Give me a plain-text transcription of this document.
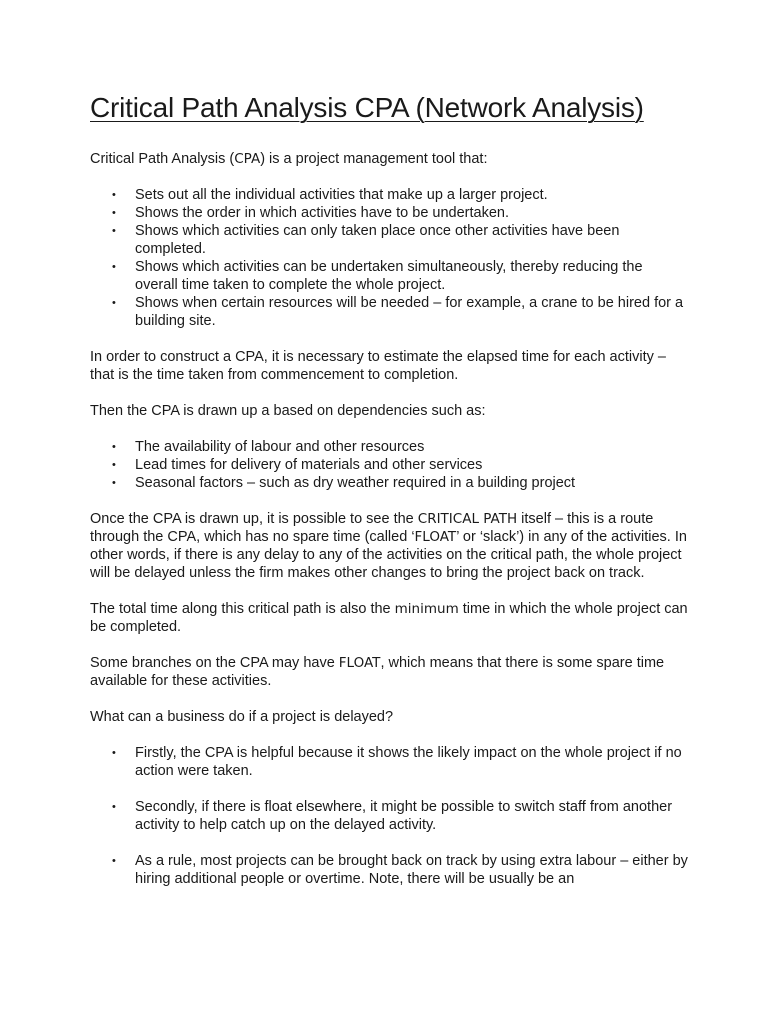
Critical Path Analysis CPA (Network Analysis)

Critical Path Analysis (CPA) is a project management tool that:

• Sets out all the individual activities that make up a larger project.
• Shows the order in which activities have to be undertaken.
• Shows which activities can only taken place once other activities have been completed.
• Shows which activities can be undertaken simultaneously, thereby reducing the overall time taken to complete the whole project.
• Shows when certain resources will be needed – for example, a crane to be hired for a building site.

In order to construct a CPA, it is necessary to estimate the elapsed time for each activity – that is the time taken from commencement to completion.

Then the CPA is drawn up a based on dependencies such as:

• The availability of labour and other resources
• Lead times for delivery of materials and other services
• Seasonal factors – such as dry weather required in a building project

Once the CPA is drawn up, it is possible to see the CRITICAL PATH itself – this is a route through the CPA, which has no spare time (called ‘FLOAT’ or ‘slack’) in any of the activities. In other words, if there is any delay to any of the activities on the critical path, the whole project will be delayed unless the firm makes other changes to bring the project back on track.

The total time along this critical path is also the minimum time in which the whole project can be completed.

Some branches on the CPA may have FLOAT, which means that there is some spare time available for these activities.

What can a business do if a project is delayed?

• Firstly, the CPA is helpful because it shows the likely impact on the whole project if no action were taken.
• Secondly, if there is float elsewhere, it might be possible to switch staff from another activity to help catch up on the delayed activity.
• As a rule, most projects can be brought back on track by using extra labour – either by hiring additional people or overtime. Note, there will be usually be an
